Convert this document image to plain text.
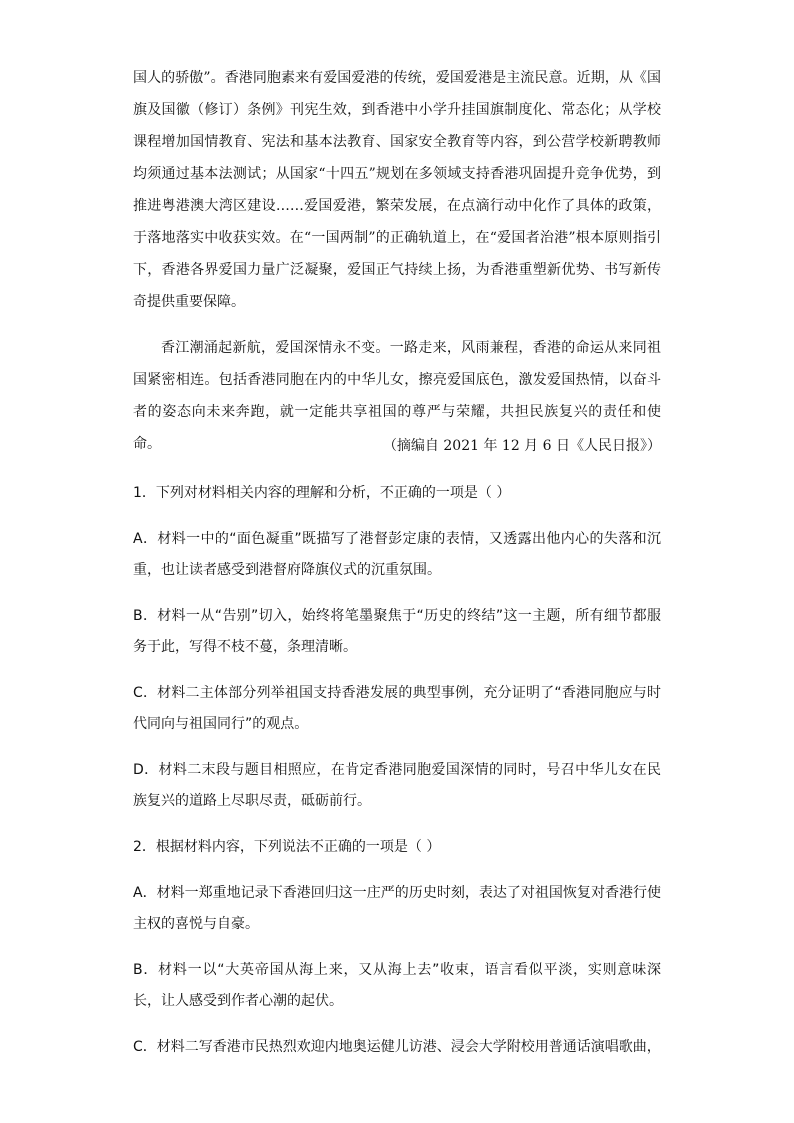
国人的骄傲”。香港同胞素来有爱国爱港的传统，爱国爱港是主流民意。近期，从《国旗及国徽（修订）条例》刊宪生效，到香港中小学升挂国旗制度化、常态化；从学校课程增加国情教育、宪法和基本法教育、国家安全教育等内容，到公营学校新聘教师均须通过基本法测试；从国家“十四五”规划在多领域支持香港巩固提升竞争优势，到推进粤港澳大湾区建设……爱国爱港，繁荣发展，在点滴行动中化作了具体的政策，于落地落实中收获实效。在“一国两制”的正确轨道上，在“爱国者治港”根本原则指引下，香港各界爱国力量广泛凝聚，爱国正气持续上扬，为香港重塑新优势、书写新传奇提供重要保障。

香江潮涌起新航，爱国深情永不变。一路走来，风雨兼程，香港的命运从来同祖国紧密相连。包括香港同胞在内的中华儿女，擦亮爱国底色，激发爱国热情，以奋斗者的姿态向未来奔跑，就一定能共享祖国的尊严与荣耀，共担民族复兴的责任和使命。	（摘编自 2021 年 12 月 6 日《人民日报》）

1．下列对材料相关内容的理解和分析，不正确的一项是（ ）

A．材料一中的“面色凝重”既描写了港督彭定康的表情，又透露出他内心的失落和沉重，也让读者感受到港督府降旗仪式的沉重氛围。

B．材料一从“告别”切入，始终将笔墨聚焦于“历史的终结”这一主题，所有细节都服务于此，写得不枝不蔓，条理清晰。

C．材料二主体部分列举祖国支持香港发展的典型事例，充分证明了“香港同胞应与时代同向与祖国同行”的观点。

D．材料二末段与题目相照应，在肯定香港同胞爱国深情的同时，号召中华儿女在民族复兴的道路上尽职尽责，砥砺前行。

2．根据材料内容，下列说法不正确的一项是（ ）

A．材料一郑重地记录下香港回归这一庄严的历史时刻，表达了对祖国恢复对香港行使主权的喜悦与自豪。

B．材料一以“大英帝国从海上来，又从海上去”收束，语言看似平淡，实则意味深长，让人感受到作者心潮的起伏。

C．材料二写香港市民热烈欢迎内地奥运健儿访港、浸会大学附校用普通话演唱歌曲，
